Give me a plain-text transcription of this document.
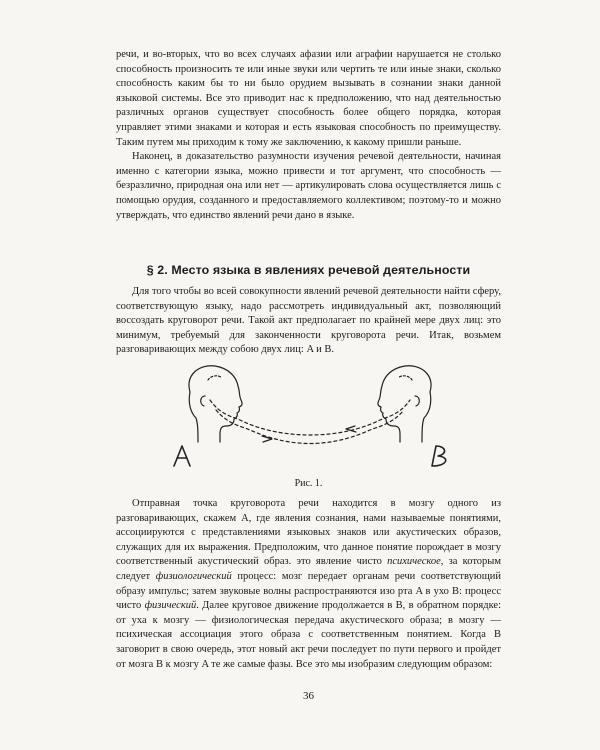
речи, и во-вторых, что во всех случаях афазии или аграфии нарушается не столько способность произносить те или иные звуки или чертить те или иные знаки, сколько способность каким бы то ни было орудием вызывать в сознании знаки данной языковой системы. Все это приводит нас к предположению, что над деятельностью различных органов существует способность более общего порядка, которая управляет этими знаками и которая и есть языковая способность по преимуществу. Таким путем мы приходим к тому же заключению, к какому пришли раньше.

Наконец, в доказательство разумности изучения речевой деятельности, начиная именно с категории языка, можно привести и тот аргумент, что способность — безразлично, природная она или нет — артикулировать слова осуществляется лишь с помощью орудия, созданного и предоставляемого коллективом; поэтому-то и можно утверждать, что единство явлений речи дано в языке.

§ 2. Место языка в явлениях речевой деятельности

Для того чтобы во всей совокупности явлений речевой деятельности найти сферу, соответствующую языку, надо рассмотреть индивидуальный акт, позволяющий воссоздать круговорот речи. Такой акт предполагает по крайней мере двух лиц: это минимум, требуемый для законченности круговорота речи. Итак, возьмем разговаривающих между собою двух лиц: A и B.

Рис. 1.

Отправная точка круговорота речи находится в мозгу одного из разговаривающих, скажем A, где явления сознания, нами называемые понятиями, ассоциируются с представлениями языковых знаков или акустических образов, служащих для их выражения. Предположим, что данное понятие порождает в мозгу соответственный акустический образ. это явление чисто психическое, за которым следует физиологический процесс: мозг передает органам речи соответствующий образу импульс; затем звуковые волны распространяются изо рта A в ухо B: процесс чисто физический. Далее круговое движение продолжается в B, в обратном порядке: от уха к мозгу — физиологическая передача акустического образа; в мозгу — психическая ассоциация этого образа с соответственным понятием. Когда B заговорит в свою очередь, этот новый акт речи последует по пути первого и пройдет от мозга B к мозгу A те же самые фазы. Все это мы изобразим следующим образом:

36
